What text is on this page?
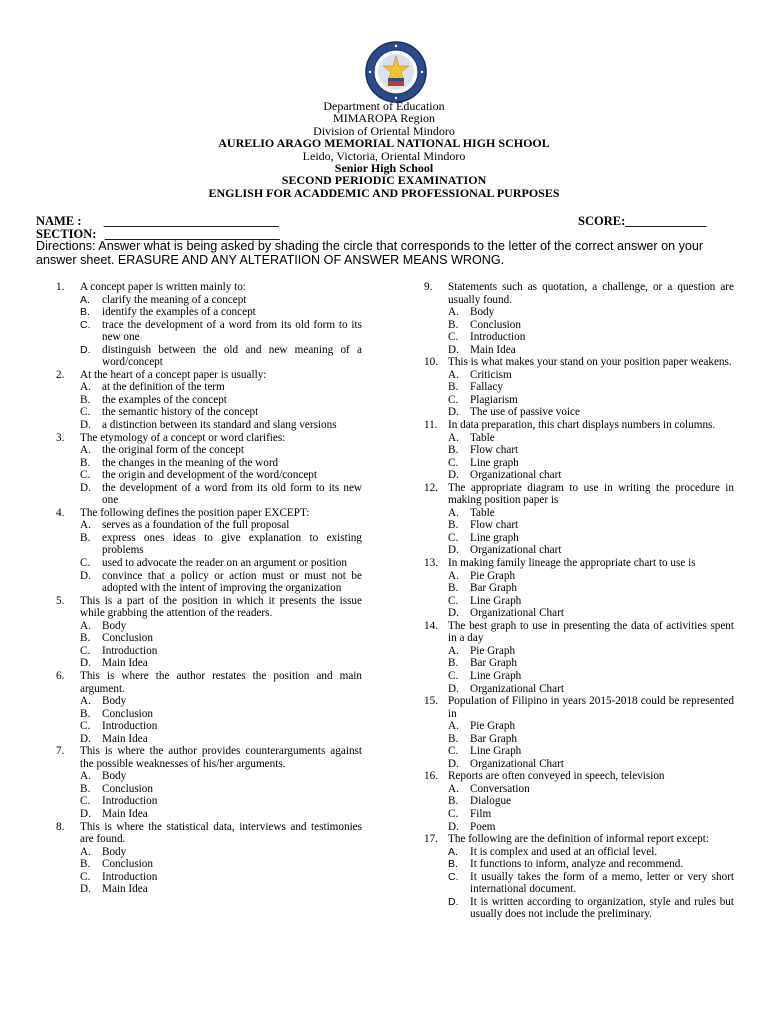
Department of Education
MIMAROPA Region
Division of Oriental Mindoro
AURELIO ARAGO MEMORIAL NATIONAL HIGH SCHOOL
Leido, Victoria, Oriental Mindoro
Senior High School
SECOND PERIODIC EXAMINATION
ENGLISH FOR ACADDEMIC AND PROFESSIONAL PURPOSES
NAME : ____________________________	SCORE:_____________
SECTION: ____________________________
Directions: Answer what is being asked by shading the circle that corresponds to the letter of the correct answer on your answer sheet. ERASURE AND ANY ALTERATIION OF ANSWER MEANS WRONG.
1.	A concept paper is written mainly to:
A.	clarify the meaning of a concept
B.	identify the examples of a concept
C.	trace the development of a word from its old form to its new one
D.	distinguish between the old and new meaning of a word/concept
2.	At the heart of a concept paper is usually:
A. at the definition of the term
B.	the examples of the concept
C.	the semantic history of the concept
D. a distinction between its standard and slang versions
3.	The etymology of a concept or word clarifies:
A. the original form of the concept
B.	the changes in the meaning of the word
C.	the origin and development of the word/concept
D. the development of a word from its old form to its new one
4.	The following defines the position paper EXCEPT:
A. serves as a foundation of the full proposal
B.	express ones ideas to give explanation to existing problems
C.	used to advocate the reader on an argument or position
D. convince that a policy or action must or must not be adopted with the intent of improving the organization
5.	This is a part of the position in which it presents the issue while grabbing the attention of the readers.
A. Body
B.	Conclusion
C.	Introduction
D. Main Idea
6.	This is where the author restates the position and main argument.
A. Body
B.	Conclusion
C.	Introduction
D. Main Idea
7.	This is where the author provides counterarguments against the possible weaknesses of his/her arguments.
A. Body
B.	Conclusion
C.	Introduction
D. Main Idea
8.	This is where the statistical data, interviews and testimonies are found.
A. Body
B.	Conclusion
C.	Introduction
D. Main Idea
9.	Statements such as quotation, a challenge, or a question are usually found.
A. Body
B.	Conclusion
C.	Introduction
D. Main Idea
10. This is what makes your stand on your position paper weakens.
A. Criticism
B.	Fallacy
C.	Plagiarism
D. The use of passive voice
11. In data preparation, this chart displays numbers in columns.
A. Table
B.	Flow chart
C.	Line graph
D. Organizational chart
12. The appropriate diagram to use in writing the procedure in making position paper is
A. Table
B.	Flow chart
C.	Line graph
D. Organizational chart
13. In making family lineage the appropriate chart to use is
A. Pie Graph
B.	Bar Graph
C.	Line Graph
D. Organizational Chart
14. The best graph to use in presenting the data of activities spent in a day
A. Pie Graph
B.	Bar Graph
C.	Line Graph
D. Organizational Chart
15. Population of Filipino in years 2015-2018 could be represented in
A. Pie Graph
B.	Bar Graph
C.	Line Graph
D. Organizational Chart
16. Reports are often conveyed in speech, television
A. Conversation
B.	Dialogue
C.	Film
D. Poem
17. The following are the definition of informal report except:
A.	It is complex and used at an official level.
B.	It functions to inform, analyze and recommend.
C.	It usually takes the form of a memo, letter or very short international document.
D.	It is written according to organization, style and rules but usually does not include the preliminary.
